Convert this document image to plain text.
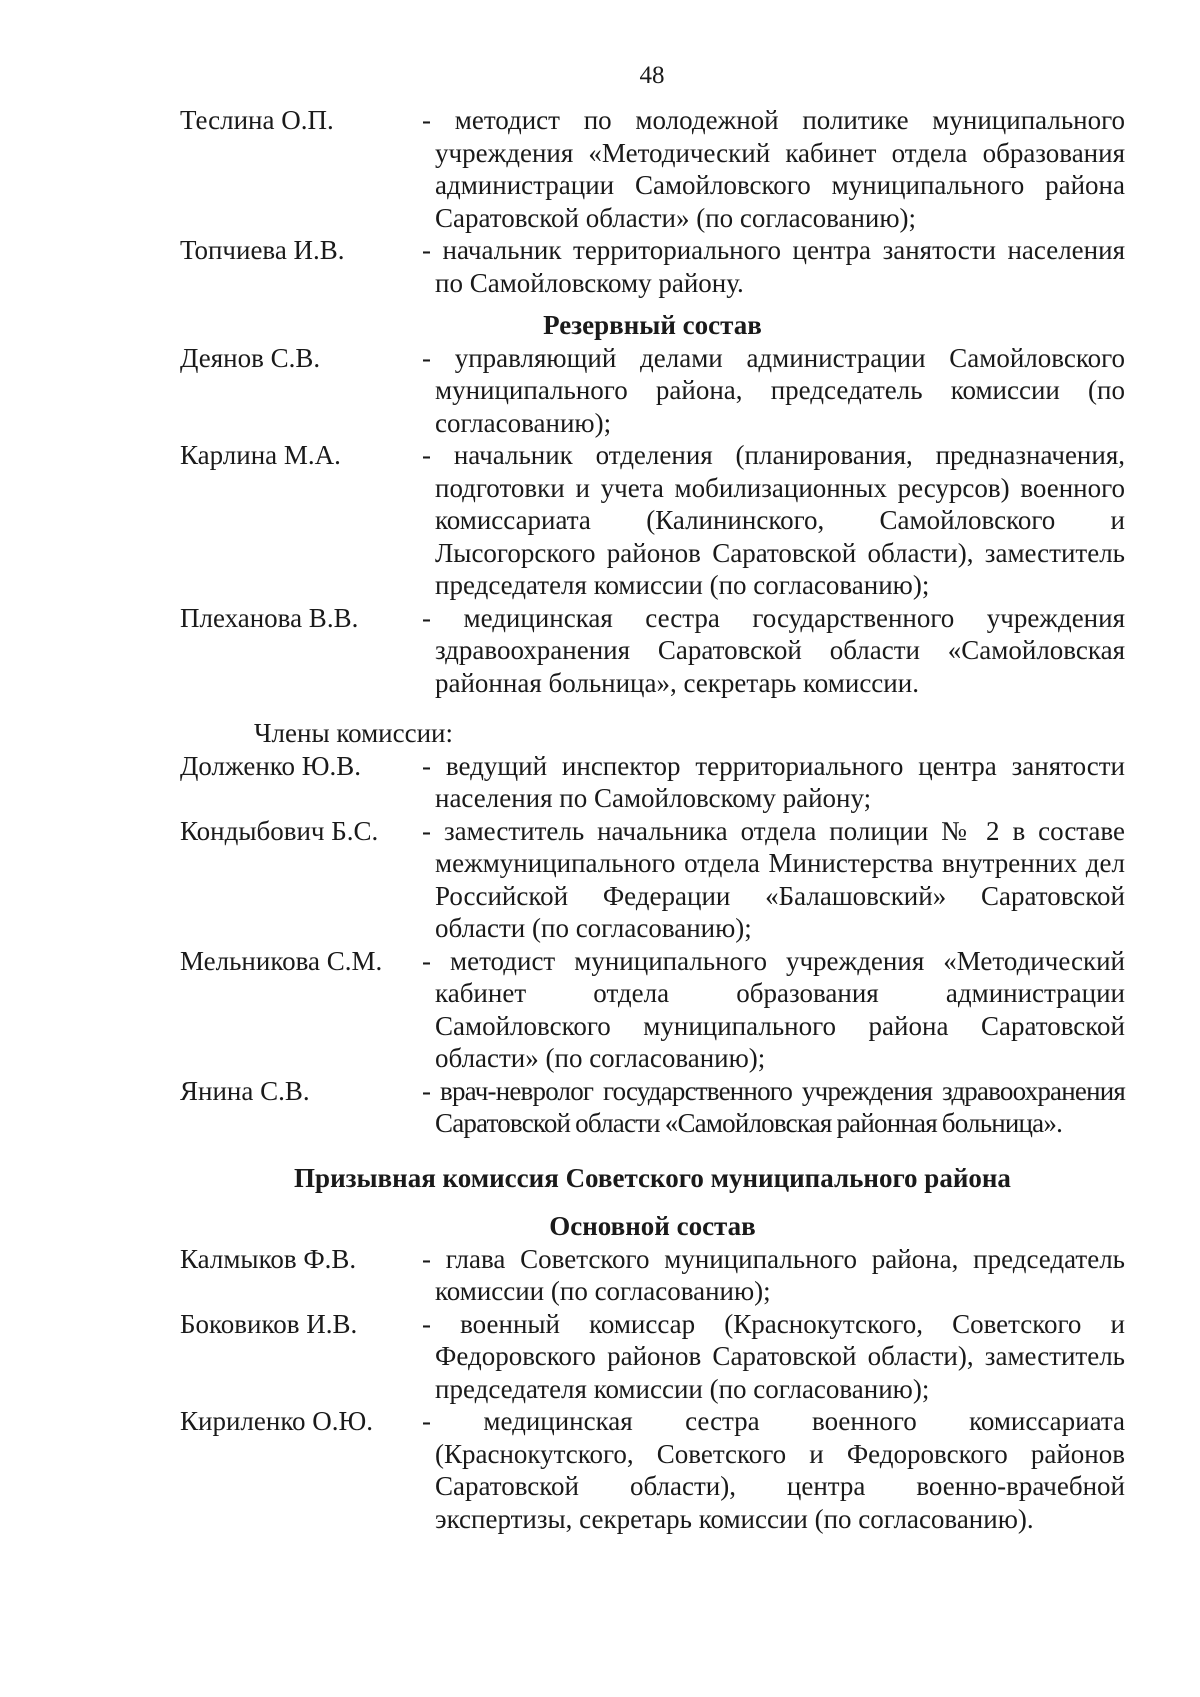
48
Теслина О.П.	- методист по молодежной политике муниципального учреждения «Методический кабинет отдела образования администрации Самойловского муниципального района Саратовской области» (по согласованию);
Топчиева И.В.	- начальник территориального центра занятости населения по Самойловскому району.
Резервный состав
Деянов С.В.	- управляющий делами администрации Самойловского муниципального района, председатель комиссии (по согласованию);
Карлина М.А.	- начальник отделения (планирования, предназначения, подготовки и учета мобилизационных ресурсов) военного комиссариата (Калининского, Самойловского и Лысогорского районов Саратовской области), заместитель председателя комиссии (по согласованию);
Плеханова В.В.	- медицинская сестра государственного учреждения здравоохранения Саратовской области «Самойловская районная больница», секретарь комиссии.
Члены комиссии:
Долженко Ю.В.	- ведущий инспектор территориального центра занятости населения по Самойловскому району;
Кондыбович Б.С.	- заместитель начальника отдела полиции № 2 в составе межмуниципального отдела Министерства внутренних дел Российской Федерации «Балашовский» Саратовской области (по согласованию);
Мельникова С.М.	- методист муниципального учреждения «Методический кабинет отдела образования администрации Самойловского муниципального района Саратовской области» (по согласованию);
Янина С.В.	- врач-невролог государственного учреждения здравоохранения Саратовской области «Самойловская районная больница».
Призывная комиссия Советского муниципального района
Основной состав
Калмыков Ф.В.	- глава Советского муниципального района, председатель комиссии (по согласованию);
Боковиков И.В.	- военный комиссар (Краснокутского, Советского и Федоровского районов Саратовской области), заместитель председателя комиссии (по согласованию);
Кириленко О.Ю.	- медицинская сестра военного комиссариата (Краснокутского, Советского и Федоровского районов Саратовской области), центра военно-врачебной экспертизы, секретарь комиссии (по согласованию).
